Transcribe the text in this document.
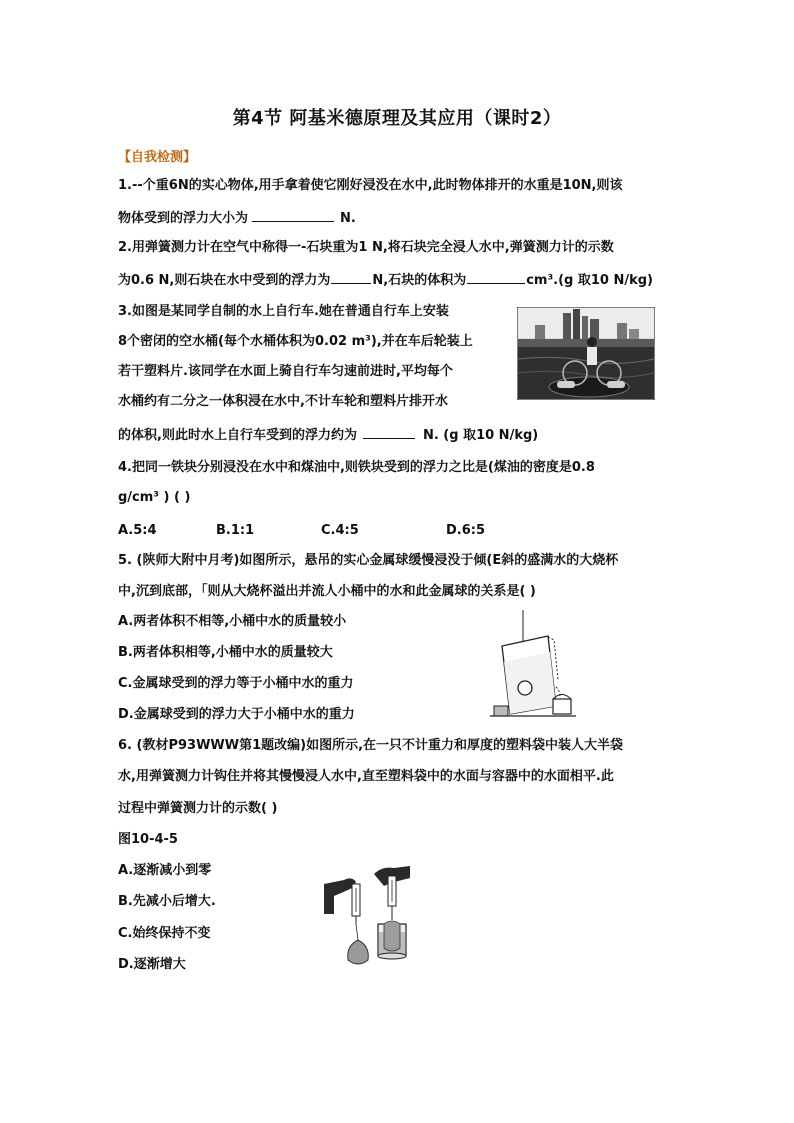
第4节 阿基米德原理及其应用（课时2）
【自我检测】
1.--个重6N的实心物体,用手拿着使它刚好浸没在水中,此时物体排开的水重是10N,则该
物体受到的浮力大小为	N.
2.用弹簧测力计在空气中称得一-石块重为1 N,将石块完全浸人水中,弹簧测力计的示数
为0.6 N,则石块在水中受到的浮力为	N,石块的体积为	cm³.(g 取10 N/kg)
3.如图是某同学自制的水上自行车.她在普通自行车上安装
8个密闭的空水桶(每个水桶体积为0.02 m³),并在车后轮装上
若干塑料片.该同学在水面上骑自行车匀速前进时,平均每个
水桶约有二分之一体积浸在水中,不计车轮和塑料片排开水
的体积,则此时水上自行车受到的浮力约为	N. (g 取10 N/kg)
4.把同一铁块分别浸没在水中和煤油中,则铁块受到的浮力之比是(煤油的密度是0.8
g/cm³ ) ( )
A.5:4	B.1:1	C.4:5	D.6:5
5. (陕师大附中月考)如图所示，悬吊的实心金属球缓慢浸没于倾(E斜的盛满水的大烧杯
中,沉到底部，「则从大烧杯溢出并流人小桶中的水和此金属球的关系是( )
A.两者体积不相等,小桶中水的质量较小
B.两者体积相等,小桶中水的质量较大
C.金属球受到的浮力等于小桶中水的重力
D.金属球受到的浮力大于小桶中水的重力
6. (教材P93WWW第1题改编)如图所示,在一只不计重力和厚度的塑料袋中装人大半袋
水,用弹簧测力计钩住并将其慢慢浸人水中,直至塑料袋中的水面与容器中的水面相平.此
过程中弹簧测力计的示数( )
图10-4-5
A.逐渐减小到零
B.先减小后增大.
C.始终保持不变
D.逐渐增大
